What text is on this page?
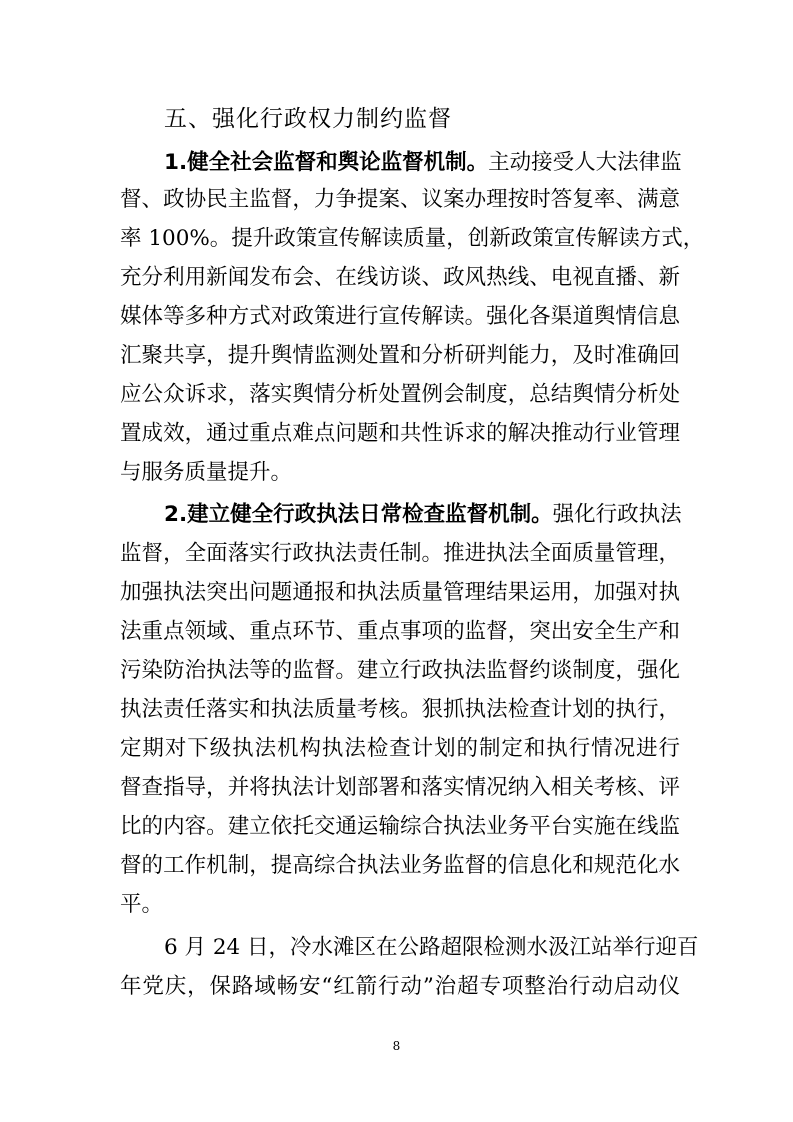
五、强化行政权力制约监督
1.健全社会监督和舆论监督机制。主动接受人大法律监
督、政协民主监督，力争提案、议案办理按时答复率、满意
率 100%。提升政策宣传解读质量，创新政策宣传解读方式，
充分利用新闻发布会、在线访谈、政风热线、电视直播、新
媒体等多种方式对政策进行宣传解读。强化各渠道舆情信息
汇聚共享，提升舆情监测处置和分析研判能力，及时准确回
应公众诉求，落实舆情分析处置例会制度，总结舆情分析处
置成效，通过重点难点问题和共性诉求的解决推动行业管理
与服务质量提升。
2.建立健全行政执法日常检查监督机制。强化行政执法
监督，全面落实行政执法责任制。推进执法全面质量管理，
加强执法突出问题通报和执法质量管理结果运用，加强对执
法重点领域、重点环节、重点事项的监督，突出安全生产和
污染防治执法等的监督。建立行政执法监督约谈制度，强化
执法责任落实和执法质量考核。狠抓执法检查计划的执行，
定期对下级执法机构执法检查计划的制定和执行情况进行
督查指导，并将执法计划部署和落实情况纳入相关考核、评
比的内容。建立依托交通运输综合执法业务平台实施在线监
督的工作机制，提高综合执法业务监督的信息化和规范化水
平。
6 月 24 日，冷水滩区在公路超限检测水汲江站举行迎百
年党庆，保路域畅安“红箭行动”治超专项整治行动启动仪
8
